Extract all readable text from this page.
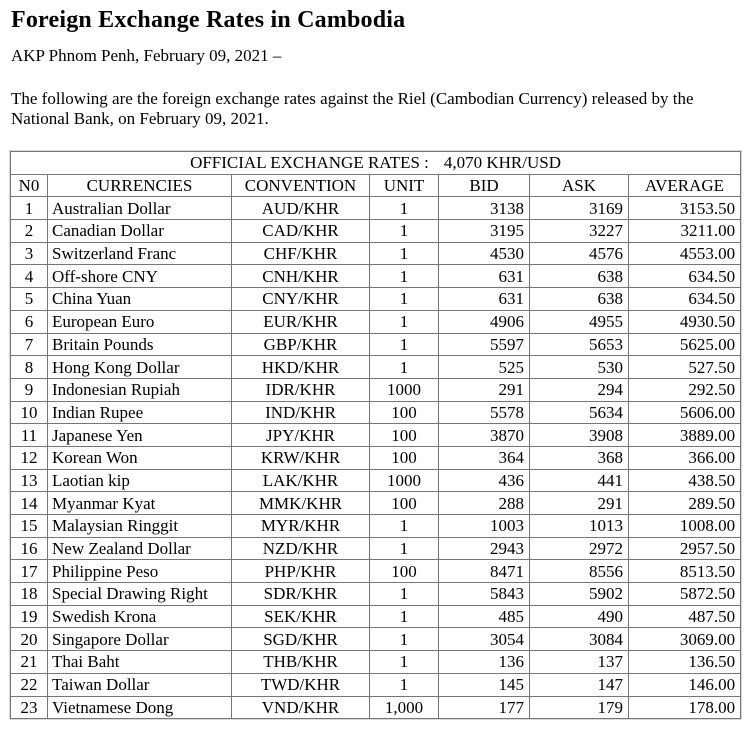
Foreign Exchange Rates in Cambodia

AKP Phnom Penh, February 09, 2021 –

The following are the foreign exchange rates against the Riel (Cambodian Currency) released by the National Bank, on February 09, 2021.

OFFICIAL EXCHANGE RATES : 4,070 KHR/USD						
N0	CURRENCIES	CONVENTION	UNIT	BID	ASK	AVERAGE
1	Australian Dollar	AUD/KHR	1	3138	3169	3153.50
2	Canadian Dollar	CAD/KHR	1	3195	3227	3211.00
3	Switzerland Franc	CHF/KHR	1	4530	4576	4553.00
4	Off-shore CNY	CNH/KHR	1	631	638	634.50
5	China Yuan	CNY/KHR	1	631	638	634.50
6	European Euro	EUR/KHR	1	4906	4955	4930.50
7	Britain Pounds	GBP/KHR	1	5597	5653	5625.00
8	Hong Kong Dollar	HKD/KHR	1	525	530	527.50
9	Indonesian Rupiah	IDR/KHR	1000	291	294	292.50
10	Indian Rupee	IND/KHR	100	5578	5634	5606.00
11	Japanese Yen	JPY/KHR	100	3870	3908	3889.00
12	Korean Won	KRW/KHR	100	364	368	366.00
13	Laotian kip	LAK/KHR	1000	436	441	438.50
14	Myanmar Kyat	MMK/KHR	100	288	291	289.50
15	Malaysian Ringgit	MYR/KHR	1	1003	1013	1008.00
16	New Zealand Dollar	NZD/KHR	1	2943	2972	2957.50
17	Philippine Peso	PHP/KHR	100	8471	8556	8513.50
18	Special Drawing Right	SDR/KHR	1	5843	5902	5872.50
19	Swedish Krona	SEK/KHR	1	485	490	487.50
20	Singapore Dollar	SGD/KHR	1	3054	3084	3069.00
21	Thai Baht	THB/KHR	1	136	137	136.50
22	Taiwan Dollar	TWD/KHR	1	145	147	146.00
23	Vietnamese Dong	VND/KHR	1,000	177	179	178.00
